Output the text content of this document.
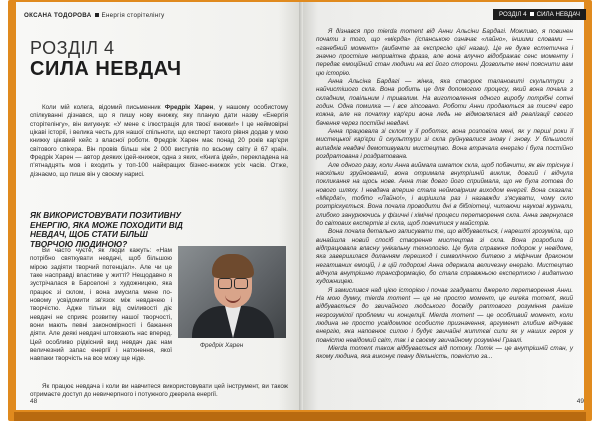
ОКСАНА ТОДОРОВА Енергія сторітелінгу
РОЗДІЛ 4
СИЛА НЕВДАЧ

Коли мій колега, відомий письменник Фредрік Харен, у нашому особистому спілкуванні дізнався, що я пишу нову книжку, яку планую дати назву «Енергія сторітелінгу», він вигукнув: «У мене є ілюстрація для твоєї книжки!» І це неймовірні цікаві історії, і велика честь для нашої спільноти, що експерт такого рівня додав у мою книжку цікавий кейс з власної роботи. Фредрік Харен має понад 20 років кар'єри світового спікера. Він провів більш ніж 2 000 виступів по всьому світу й 67 країн. Фредрік Харен — автор деяких ідей-книжок, одна з яких, «Книга ідей», перекладена на п'ятнадцять мов і входить у топ-100 найкращих бізнес-книжок усіх часів. Отже, дізнаємо, що пише він у своєму нарисі.

ЯК ВИКОРИСТОВУВАТИ ПОЗИТИВНУ ЕНЕРГІЮ, ЯКА МОЖЕ ПОХОДИТИ ВІД НЕВДАЧ, ЩОБ СТАТИ БІЛЬШ ТВОРЧОЮ ЛЮДИНОЮ?

Ви часто чуєте, як люди кажуть: «Нам потрібно святкувати невдачі, щоб більшою мірою задіяти творчий потенціал». Але чи це таке насправді властиве у житті? Нещодавно я зустрічалася в Барселоні з художницею, яка працює зі склом, і вона змусила мене по-новому усвідомити зв'язок між невдачею і творчістю. Адже тільки від сміливості діє невдачі не сприяє розвитку нашої творчості, вони мають певні закономірності і бажання діяти. Але деякі невдачі штовхають нас вперед. Цей особливо рідкісний вид невдач дає нам величезний запас енергії і натхнення, якої навпаки творчість на все можу ще ніде.

Фредрік Харен

Як працює невдача і коли ви навчитеся використовувати цей інструмент, ви також отримаєте доступ до невичерпного і потужного джерела енергії.

48
РОЗДІЛ 4 СИЛА НЕВДАЧ

Я дізнався про mierda moment від Анни Альсіни Бардагі. Можливо, я повинен почати з того, що «мієрда» (іспанською означає «лайно», іншими словами — «ганебний момент» (вибачте за експресію цієї назви). Це не дуже естетична і значно простіше непривітна фраза, але вона влучно відображає сенс моменту і передає емоційний стан людини на всі його сторони. Дозвольте мені пояснити вам цю історію.

Анна Альсіна Бардагі — жінка, яка створює талановиті скульптури з найчистішого скла. Вона робить це для допомогою процесу, який вона почала з складним, повільним і тривалим. На виготовлення одного виробу потрібні сотні годин. Одна помилка — і все зіпсовано. Роботи Анни продаються за тисячі євро кожна, але на початку кар'єри вона ледь не відмовлялася від реалізації своєго бачення через постійні невдачі.

Анна працювала зі склом у її роботах, вона розповіла мені, як у перші роки її мистецької кар'єри й скульптури зі скла руйнувалися знову і знову. У більшості випадків невдачі демотивували мистецтво. Вона втрачала енергію і була постійно роздратована і роздратована.

Але одного разу, коли Анна виймала шматок скла, щоб побачити, як він тріснув і наскільки зруйнований, вона отримала внутрішній виклик, довгий і відчула покликання на щось нове. Анна так довго його сприймала, що не була готова до нового шляху. І невдача вперше стала неймовірним виходом енергії. Вона сказала: «Мієрда!», тобто «Лайно!», і вирішила раз і назавжди з'ясувати, чому скло розтріскується. Вона почала проводити дні в бібліотеці, читаючи наукові журнали, глибоко занурюючись у фізичні і хімічні процеси перетворення скла. Анна звернулася до світових експертів зі скла, щоб повчитися у майстрів.

Вона почала детально записувати те, що відбувається, і нарешті зрозуміла, що винайшла новий спосіб створення мистецтва зі скла. Вона розробила й відпрацювала власну унікальну технологію. Це була справжня подорож у невідоме, яка завершилася доланням перешкод і символічною битвою з міфічним драконом негативних емоцій, і в цій подорожі Анна одержала величезну енергію. Мистецтво відчула внутрішню трансформацію, бо стала справжньою експерткою і видатною художницею.

Я замислився над цією історією і почав згадувати джерело перетворення Анни. На мою думку, mierda moment — це не просто момент, це eureka moment, який відбувається до звичайного людського досвіду раптового розуміння раніше незрозумілої проблеми чи концепції. Mierda moment — це особливий момент, коли людина не просто усвідомлює особисте призначення, аргумент глибше відчуває енергію, яка наповнює силою і будує звичайні життєві сили як у наших героя у повністю невідомий світ, так і в своєму звичайному розумінні Граалі.

Mierda moment також відбувається від потоку. Потік — це внутрішній стан, у якому людина, яка виконує певну діяльність, повністю за...

49
